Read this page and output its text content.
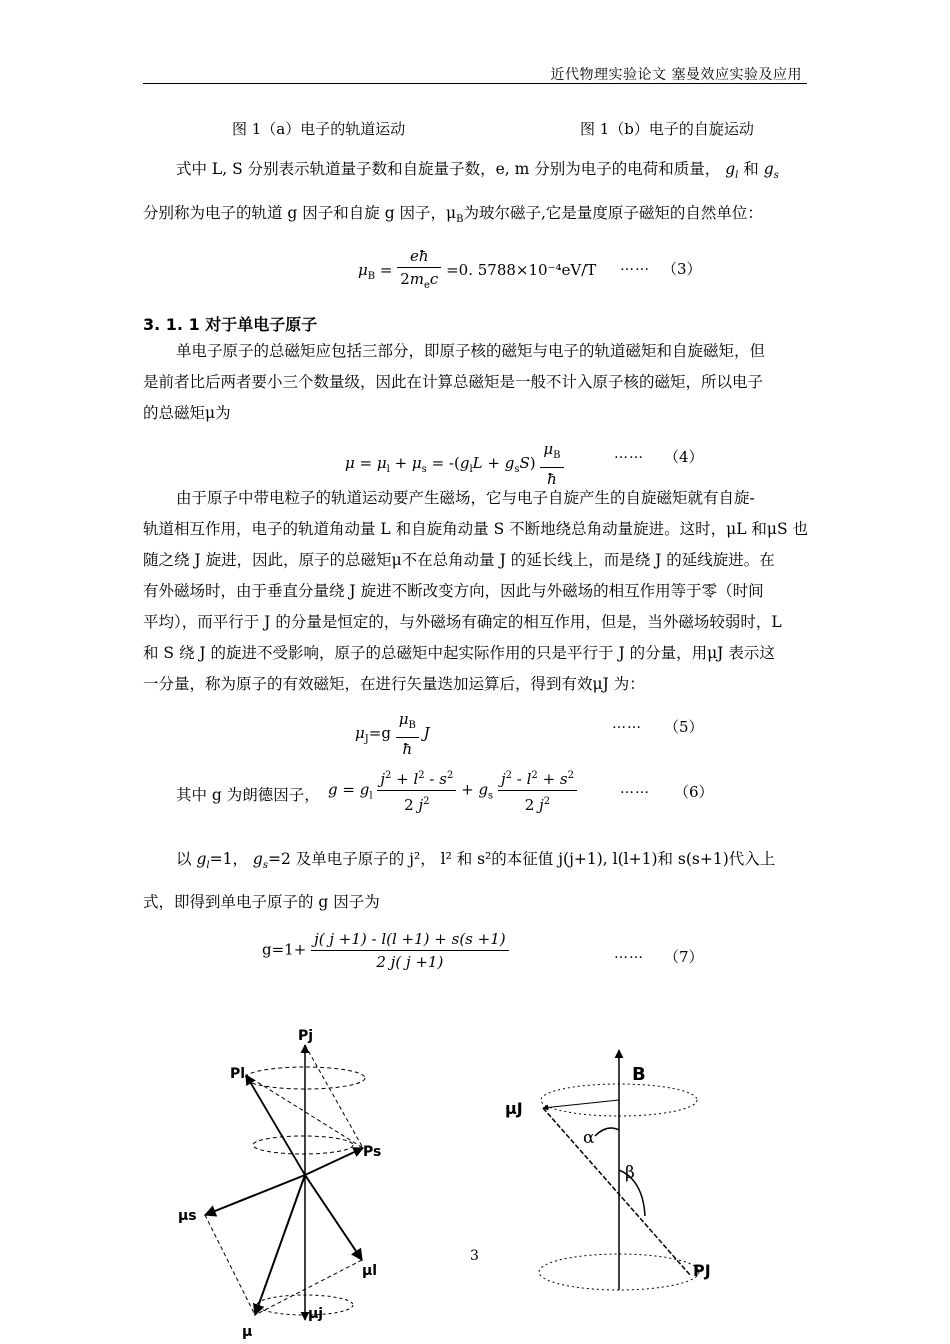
近代物理实验论文 塞曼效应实验及应用
图 1（a）电子的轨道运动	图 1（b）电子的自旋运动
式中 L, S 分别表示轨道量子数和自旋量子数，e, m 分别为电子的电荷和质量， $g_l$ 和 $g_s$
分别称为电子的轨道 g 因子和自旋 g 因子，$\mu_B$为玻尔磁子,它是量度原子磁矩的自然单位：
$\mu_B = \frac{eħ}{2m_ec} =0$. 5788×10⁻⁴eV/T …… （3）
3. 1. 1 对于单电子原子
单电子原子的总磁矩应包括三部分，即原子核的磁矩与电子的轨道磁矩和自旋磁矩，但
是前者比后两者要小三个数量级，因此在计算总磁矩是一般不计入原子核的磁矩，所以电子
的总磁矩μ为
$\mu = \mu_l + \mu_s = -(g_lL + g_sS) \frac{\mu_B}{ħ}$	…… （4）
由于原子中带电粒子的轨道运动要产生磁场，它与电子自旋产生的自旋磁矩就有自旋-
轨道相互作用，电子的轨道角动量 L 和自旋角动量 S 不断地绕总角动量旋进。这时，μL 和μS 也
随之绕 J 旋进，因此，原子的总磁矩μ不在总角动量 J 的延长线上，而是绕 J 的延线旋进。在
有外磁场时，由于垂直分量绕 J 旋进不断改变方向，因此与外磁场的相互作用等于零（时间
平均），而平行于 J 的分量是恒定的，与外磁场有确定的相互作用，但是，当外磁场较弱时，L
和 S 绕 J 的旋进不受影响，原子的总磁矩中起实际作用的只是平行于 J 的分量，用μJ 表示这
一分量，称为原子的有效磁矩，在进行矢量迭加运算后，得到有效μJ 为：
$\mu_J=g \frac{\mu_B}{ħ}$ J	…… （5）
其中 g 为朗德因子， $g = g_l \frac{j^2 + l^2 - s^2}{2 j^2} + g_s \frac{j^2 - l^2 + s^2}{2 j^2}$	…… （6）
以 $g_l=1$， $g_s=2$ 及单电子原子的 j²， l² 和 s²的本征值 j(j+1), l(l+1)和 s(s+1)代入上
式，即得到单电子原子的 g 因子为
$g=1+ \frac{j( j +1) - l(l +1) + s(s +1)}{2 j( j +1)}$	…… （7）
Pj
Pl
Ps
μs
μl
μ
μj
B
μJ
α
β
PJ
3
